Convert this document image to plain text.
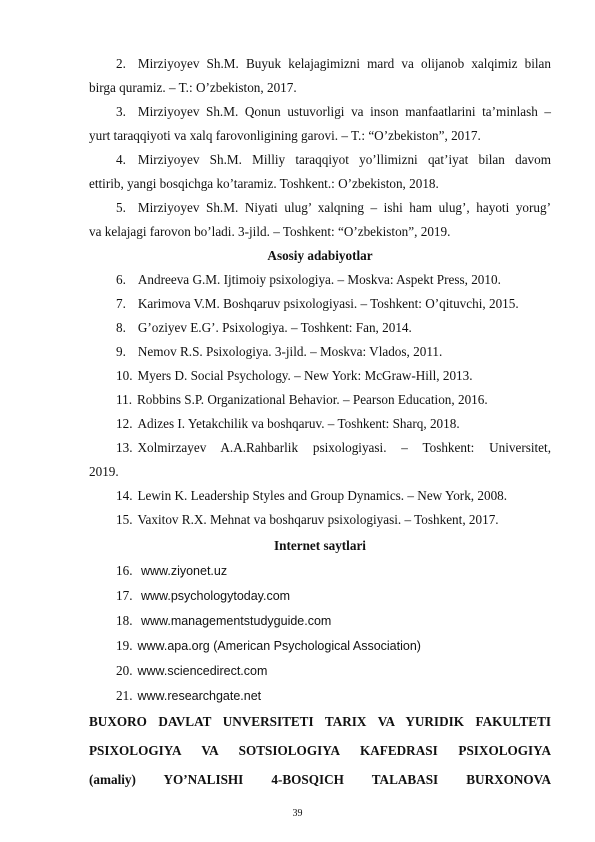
2. Mirziyoyev Sh.M. Buyuk kelajagimizni mard va olijanob xalqimiz bilan
birga quramiz. – T.: O’zbekiston, 2017.
3. Mirziyoyev Sh.M. Qonun ustuvorligi va inson manfaatlarini ta’minlash –
yurt taraqqiyoti va xalq farovonligining garovi. – T.: “O’zbekiston”, 2017.
4. Mirziyoyev Sh.M. Milliy taraqqiyot yo’llimizni qat’iyat bilan davom
ettirib, yangi bosqichga ko’taramiz. Toshkent.: O’zbekiston, 2018.
5. Mirziyoyev Sh.M. Niyati ulug’ xalqning – ishi ham ulug’, hayoti yorug’
va kelajagi farovon bo’ladi. 3-jild. – Toshkent: “O’zbekiston”, 2019.
Asosiy adabiyotlar
6. Andreeva G.M. Ijtimoiy psixologiya. – Moskva: Aspekt Press, 2010.
7. Karimova V.M. Boshqaruv psixologiyasi. – Toshkent: O’qituvchi, 2015.
8. G’oziyev E.G’. Psixologiya. – Toshkent: Fan, 2014.
9. Nemov R.S. Psixologiya. 3-jild. – Moskva: Vlados, 2011.
10. Myers D. Social Psychology. – New York: McGraw-Hill, 2013.
11. Robbins S.P. Organizational Behavior. – Pearson Education, 2016.
12. Adizes I. Yetakchilik va boshqaruv. – Toshkent: Sharq, 2018.
13. Xolmirzayev A.A.Rahbarlik psixologiyasi. – Toshkent: Universitet,
2019.
14. Lewin K. Leadership Styles and Group Dynamics. – New York, 2008.
15. Vaxitov R.X. Mehnat va boshqaruv psixologiyasi. – Toshkent, 2017.
Internet saytlari
16. www.ziyonet.uz
17. www.psychologytoday.com
18. www.managementstudyguide.com
19. www.apa.org (American Psychological Association)
20. www.sciencedirect.com
21. www.researchgate.net
BUXORO DAVLAT UNVERSITETI TARIX VA YURIDIK FAKULTETI
PSIXOLOGIYA VA SOTSIOLOGIYA KAFEDRASI PSIXOLOGIYA
(amaliy) YO’NALISHI 4-BOSQICH TALABASI BURXONOVA
39
